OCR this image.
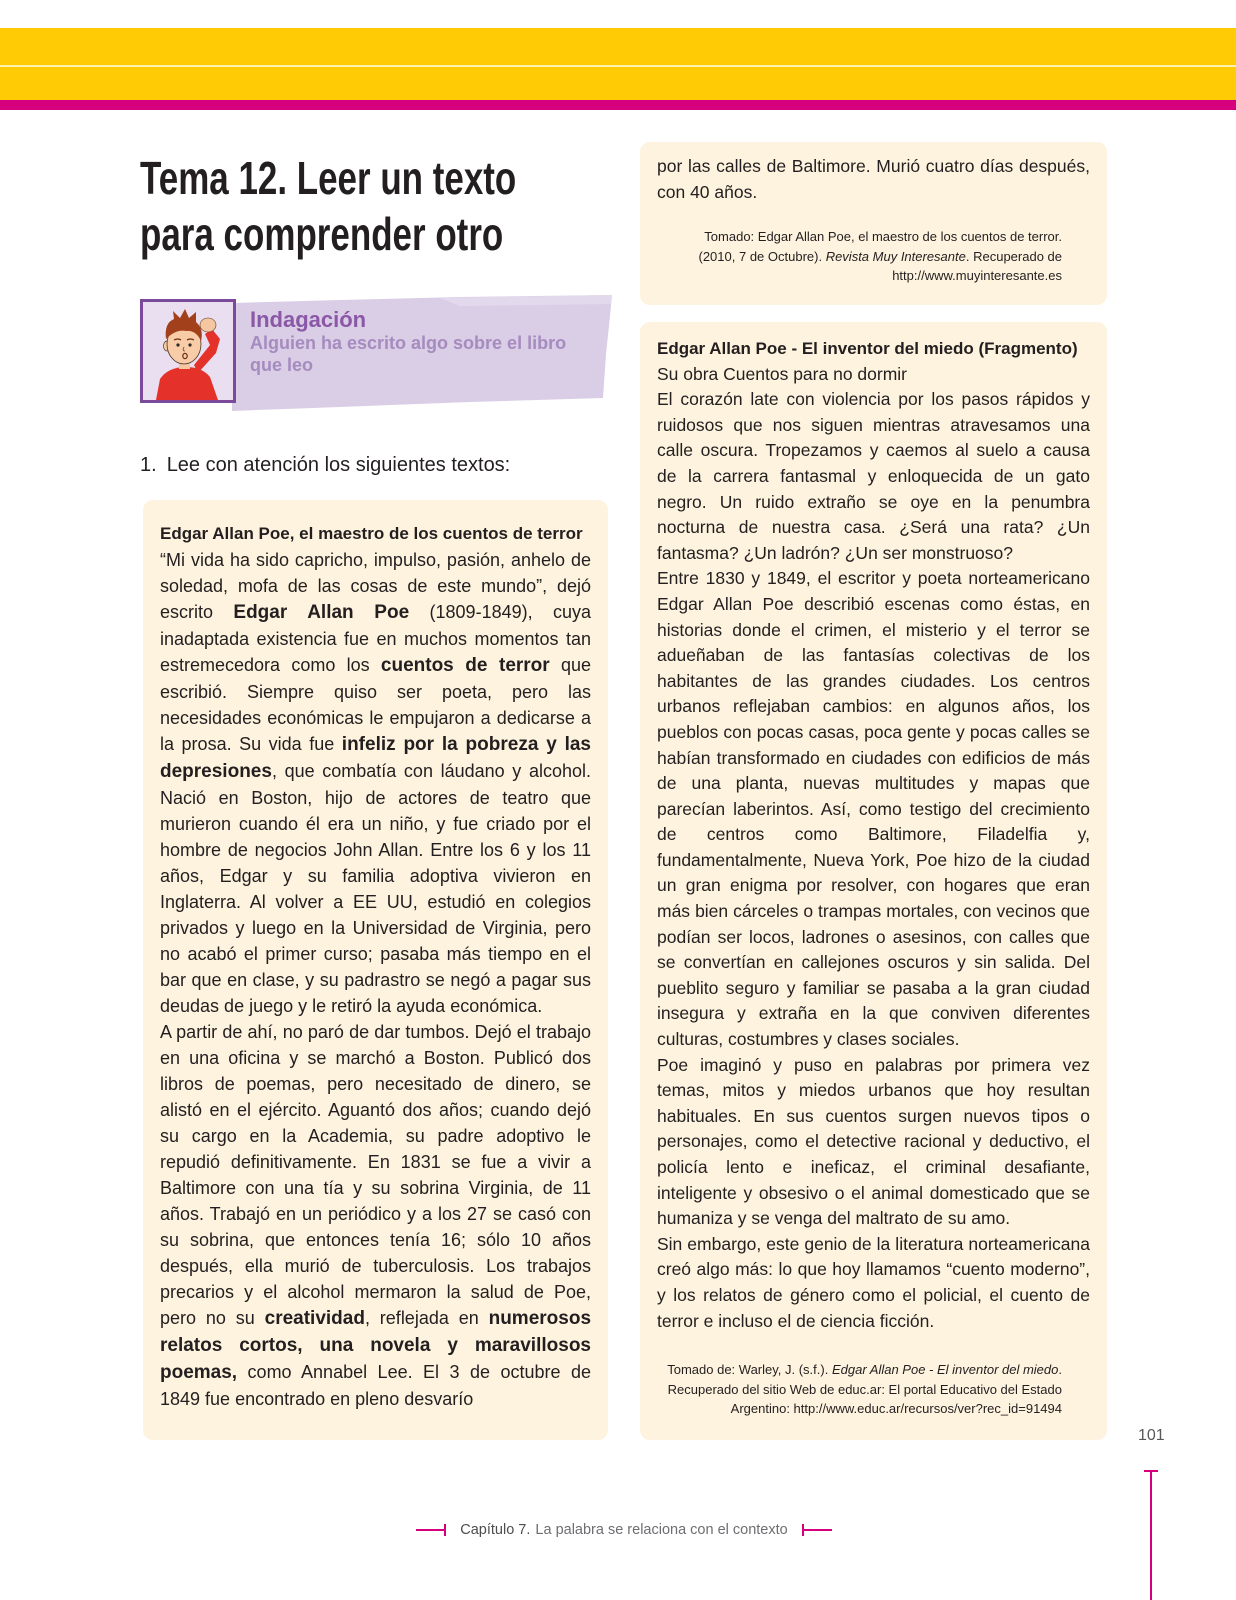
Tema 12. Leer un texto
para comprender otro
Indagación
Alguien ha escrito algo sobre el libro que leo
1. Lee con atención los siguientes textos:
Edgar Allan Poe, el maestro de los cuentos de terror

“Mi vida ha sido capricho, impulso, pasión, anhelo de soledad, mofa de las cosas de este mundo”, dejó escrito Edgar Allan Poe (1809-1849), cuya inadaptada existencia fue en muchos momentos tan estremecedora como los cuentos de terror que escribió. Siempre quiso ser poeta, pero las necesidades económicas le empujaron a dedicarse a la prosa. Su vida fue infeliz por la pobreza y las depresiones, que combatía con láudano y alcohol. Nació en Boston, hijo de actores de teatro que murieron cuando él era un niño, y fue criado por el hombre de negocios John Allan. Entre los 6 y los 11 años, Edgar y su familia adoptiva vivieron en Inglaterra. Al volver a EE UU, estudió en colegios privados y luego en la Universidad de Virginia, pero no acabó el primer curso; pasaba más tiempo en el bar que en clase, y su padrastro se negó a pagar sus deudas de juego y le retiró la ayuda económica.

A partir de ahí, no paró de dar tumbos. Dejó el trabajo en una oficina y se marchó a Boston. Publicó dos libros de poemas, pero necesitado de dinero, se alistó en el ejército. Aguantó dos años; cuando dejó su cargo en la Academia, su padre adoptivo le repudió definitivamente. En 1831 se fue a vivir a Baltimore con una tía y su sobrina Virginia, de 11 años. Trabajó en un periódico y a los 27 se casó con su sobrina, que entonces tenía 16; sólo 10 años después, ella murió de tuberculosis. Los trabajos precarios y el alcohol mermaron la salud de Poe, pero no su creatividad, reflejada en numerosos relatos cortos, una novela y maravillosos poemas, como Annabel Lee. El 3 de octubre de 1849 fue encontrado en pleno desvarío

por las calles de Baltimore. Murió cuatro días después, con 40 años.

Tomado: Edgar Allan Poe, el maestro de los cuentos de terror. (2010, 7 de Octubre). Revista Muy Interesante. Recuperado de http://www.muyinteresante.es
Edgar Allan Poe - El inventor del miedo (Fragmento)

Su obra Cuentos para no dormir

El corazón late con violencia por los pasos rápidos y ruidosos que nos siguen mientras atravesamos una calle oscura. Tropezamos y caemos al suelo a causa de la carrera fantasmal y enloquecida de un gato negro. Un ruido extraño se oye en la penumbra nocturna de nuestra casa. ¿Será una rata? ¿Un fantasma? ¿Un ladrón? ¿Un ser monstruoso?

Entre 1830 y 1849, el escritor y poeta norteamericano Edgar Allan Poe describió escenas como éstas, en historias donde el crimen, el misterio y el terror se adueñaban de las fantasías colectivas de los habitantes de las grandes ciudades. Los centros urbanos reflejaban cambios: en algunos años, los pueblos con pocas casas, poca gente y pocas calles se habían transformado en ciudades con edificios de más de una planta, nuevas multitudes y mapas que parecían laberintos. Así, como testigo del crecimiento de centros como Baltimore, Filadelfia y, fundamentalmente, Nueva York, Poe hizo de la ciudad un gran enigma por resolver, con hogares que eran más bien cárceles o trampas mortales, con vecinos que podían ser locos, ladrones o asesinos, con calles que se convertían en callejones oscuros y sin salida. Del pueblito seguro y familiar se pasaba a la gran ciudad insegura y extraña en la que conviven diferentes culturas, costumbres y clases sociales.

Poe imaginó y puso en palabras por primera vez temas, mitos y miedos urbanos que hoy resultan habituales. En sus cuentos surgen nuevos tipos o personajes, como el detective racional y deductivo, el policía lento e ineficaz, el criminal desafiante, inteligente y obsesivo o el animal domesticado que se humaniza y se venga del maltrato de su amo.

Sin embargo, este genio de la literatura norteamericana creó algo más: lo que hoy llamamos “cuento moderno”, y los relatos de género como el policial, el cuento de terror e incluso el de ciencia ficción.

Tomado de: Warley, J. (s.f.). Edgar Allan Poe - El inventor del miedo. Recuperado del sitio Web de educ.ar: El portal Educativo del Estado Argentino: http://www.educ.ar/recursos/ver?rec_id=91494
101
Capítulo 7. La palabra se relaciona con el contexto
